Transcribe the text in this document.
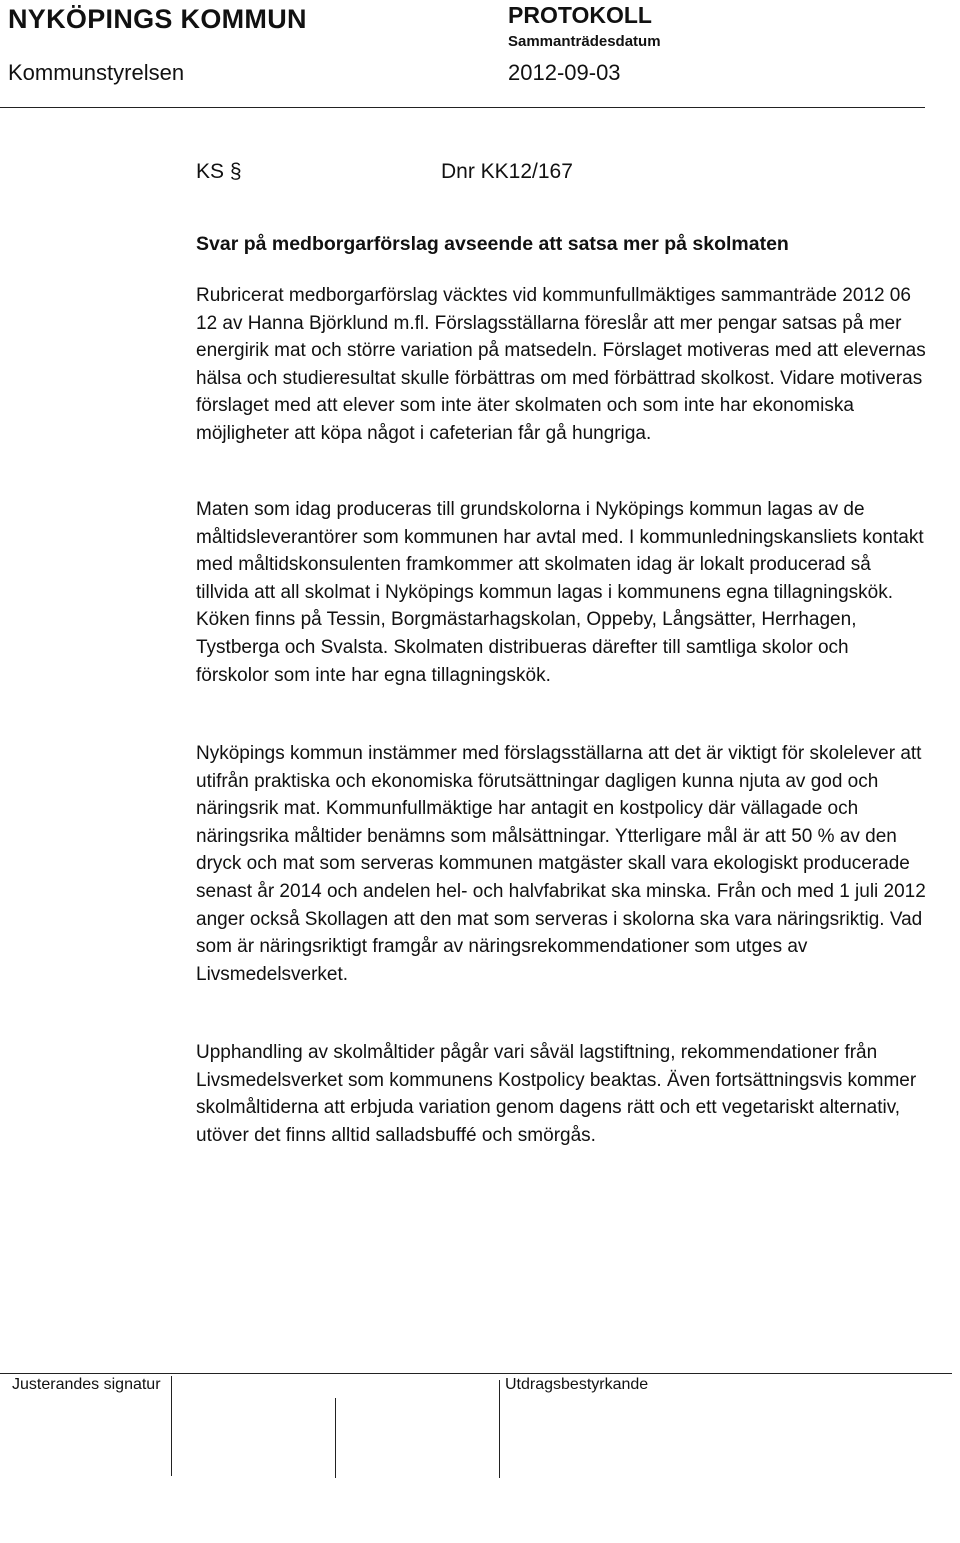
NYKÖPINGS KOMMUN
Kommunstyrelsen
PROTOKOLL
Sammanträdesdatum
2012-09-03
KS §	Dnr KK12/167
Svar på medborgarförslag avseende att satsa mer på skolmaten

Rubricerat medborgarförslag väcktes vid kommunfullmäktiges sammanträde 2012 06 12 av Hanna Björklund m.fl. Förslagsställarna föreslår att mer pengar satsas på mer energirik mat och större variation på matsedeln. Förslaget motiveras med att elevernas hälsa och studieresultat skulle förbättras om med förbättrad skolkost. Vidare motiveras förslaget med att elever som inte äter skolmaten och som inte har ekonomiska möjligheter att köpa något i cafeterian får gå hungriga.

Maten som idag produceras till grundskolorna i Nyköpings kommun lagas av de måltidsleverantörer som kommunen har avtal med. I kommunledningskansliets kontakt med måltidskonsulenten framkommer att skolmaten idag är lokalt producerad så tillvida att all skolmat i Nyköpings kommun lagas i kommunens egna tillagningskök. Köken finns på Tessin, Borgmästarhagskolan, Oppeby, Långsätter, Herrhagen, Tystberga och Svalsta. Skolmaten distribueras därefter till samtliga skolor och förskolor som inte har egna tillagningskök.

Nyköpings kommun instämmer med förslagsställarna att det är viktigt för skolelever att utifrån praktiska och ekonomiska förutsättningar dagligen kunna njuta av god och näringsrik mat. Kommunfullmäktige har antagit en kostpolicy där vällagade och näringsrika måltider benämns som målsättningar. Ytterligare mål är att 50 % av den dryck och mat som serveras kommunen matgäster skall vara ekologiskt producerade senast år 2014 och andelen hel- och halvfabrikat ska minska. Från och med 1 juli 2012 anger också Skollagen att den mat som serveras i skolorna ska vara näringsriktig. Vad som är näringsriktigt framgår av näringsrekommendationer som utges av Livsmedelsverket.

Upphandling av skolmåltider pågår vari såväl lagstiftning, rekommendationer från Livsmedelsverket som kommunens Kostpolicy beaktas. Även fortsättningsvis kommer skolmåltiderna att erbjuda variation genom dagens rätt och ett vegetariskt alternativ, utöver det finns alltid salladsbuffé och smörgås.

Justerandes signatur	Utdragsbestyrkande
